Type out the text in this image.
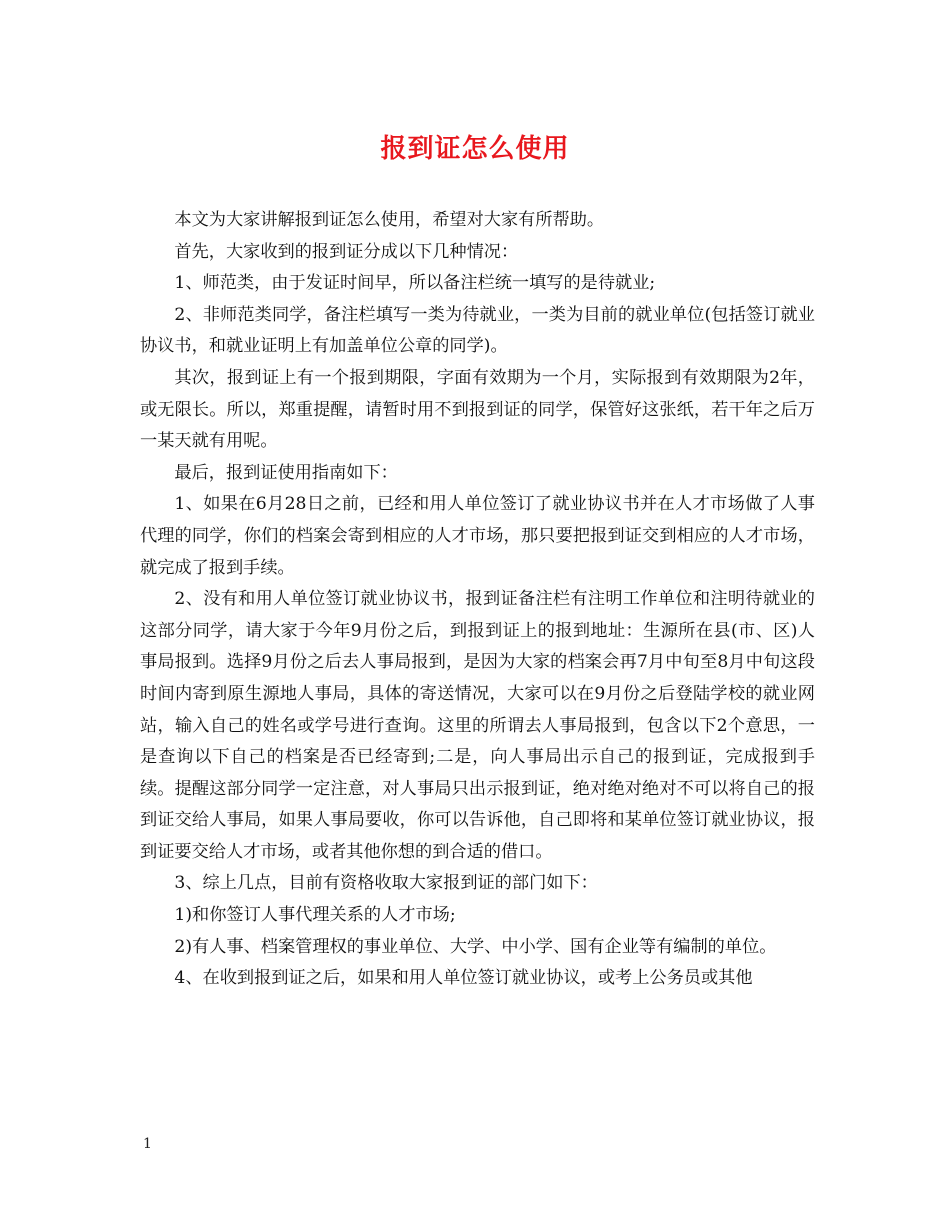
报到证怎么使用

本文为大家讲解报到证怎么使用，希望对大家有所帮助。

首先，大家收到的报到证分成以下几种情况：

1、师范类，由于发证时间早，所以备注栏统一填写的是待就业;

2、非师范类同学，备注栏填写一类为待就业，一类为目前的就业单位(包括签订就业协议书，和就业证明上有加盖单位公章的同学)。

其次，报到证上有一个报到期限，字面有效期为一个月，实际报到有效期限为2年，或无限长。所以，郑重提醒，请暂时用不到报到证的同学，保管好这张纸，若干年之后万一某天就有用呢。

最后，报到证使用指南如下：

1、如果在6月28日之前，已经和用人单位签订了就业协议书并在人才市场做了人事代理的同学，你们的档案会寄到相应的人才市场，那只要把报到证交到相应的人才市场，就完成了报到手续。

2、没有和用人单位签订就业协议书，报到证备注栏有注明工作单位和注明待就业的这部分同学，请大家于今年9月份之后，到报到证上的报到地址：生源所在县(市、区)人事局报到。选择9月份之后去人事局报到，是因为大家的档案会再7月中旬至8月中旬这段时间内寄到原生源地人事局，具体的寄送情况，大家可以在9月份之后登陆学校的就业网站，输入自己的姓名或学号进行查询。这里的所谓去人事局报到，包含以下2个意思，一是查询以下自己的档案是否已经寄到;二是，向人事局出示自己的报到证，完成报到手续。提醒这部分同学一定注意，对人事局只出示报到证，绝对绝对绝对不可以将自己的报到证交给人事局，如果人事局要收，你可以告诉他，自己即将和某单位签订就业协议，报到证要交给人才市场，或者其他你想的到合适的借口。

3、综上几点，目前有资格收取大家报到证的部门如下：

1)和你签订人事代理关系的人才市场;

2)有人事、档案管理权的事业单位、大学、中小学、国有企业等有编制的单位。

4、在收到报到证之后，如果和用人单位签订就业协议，或考上公务员或其他

1
